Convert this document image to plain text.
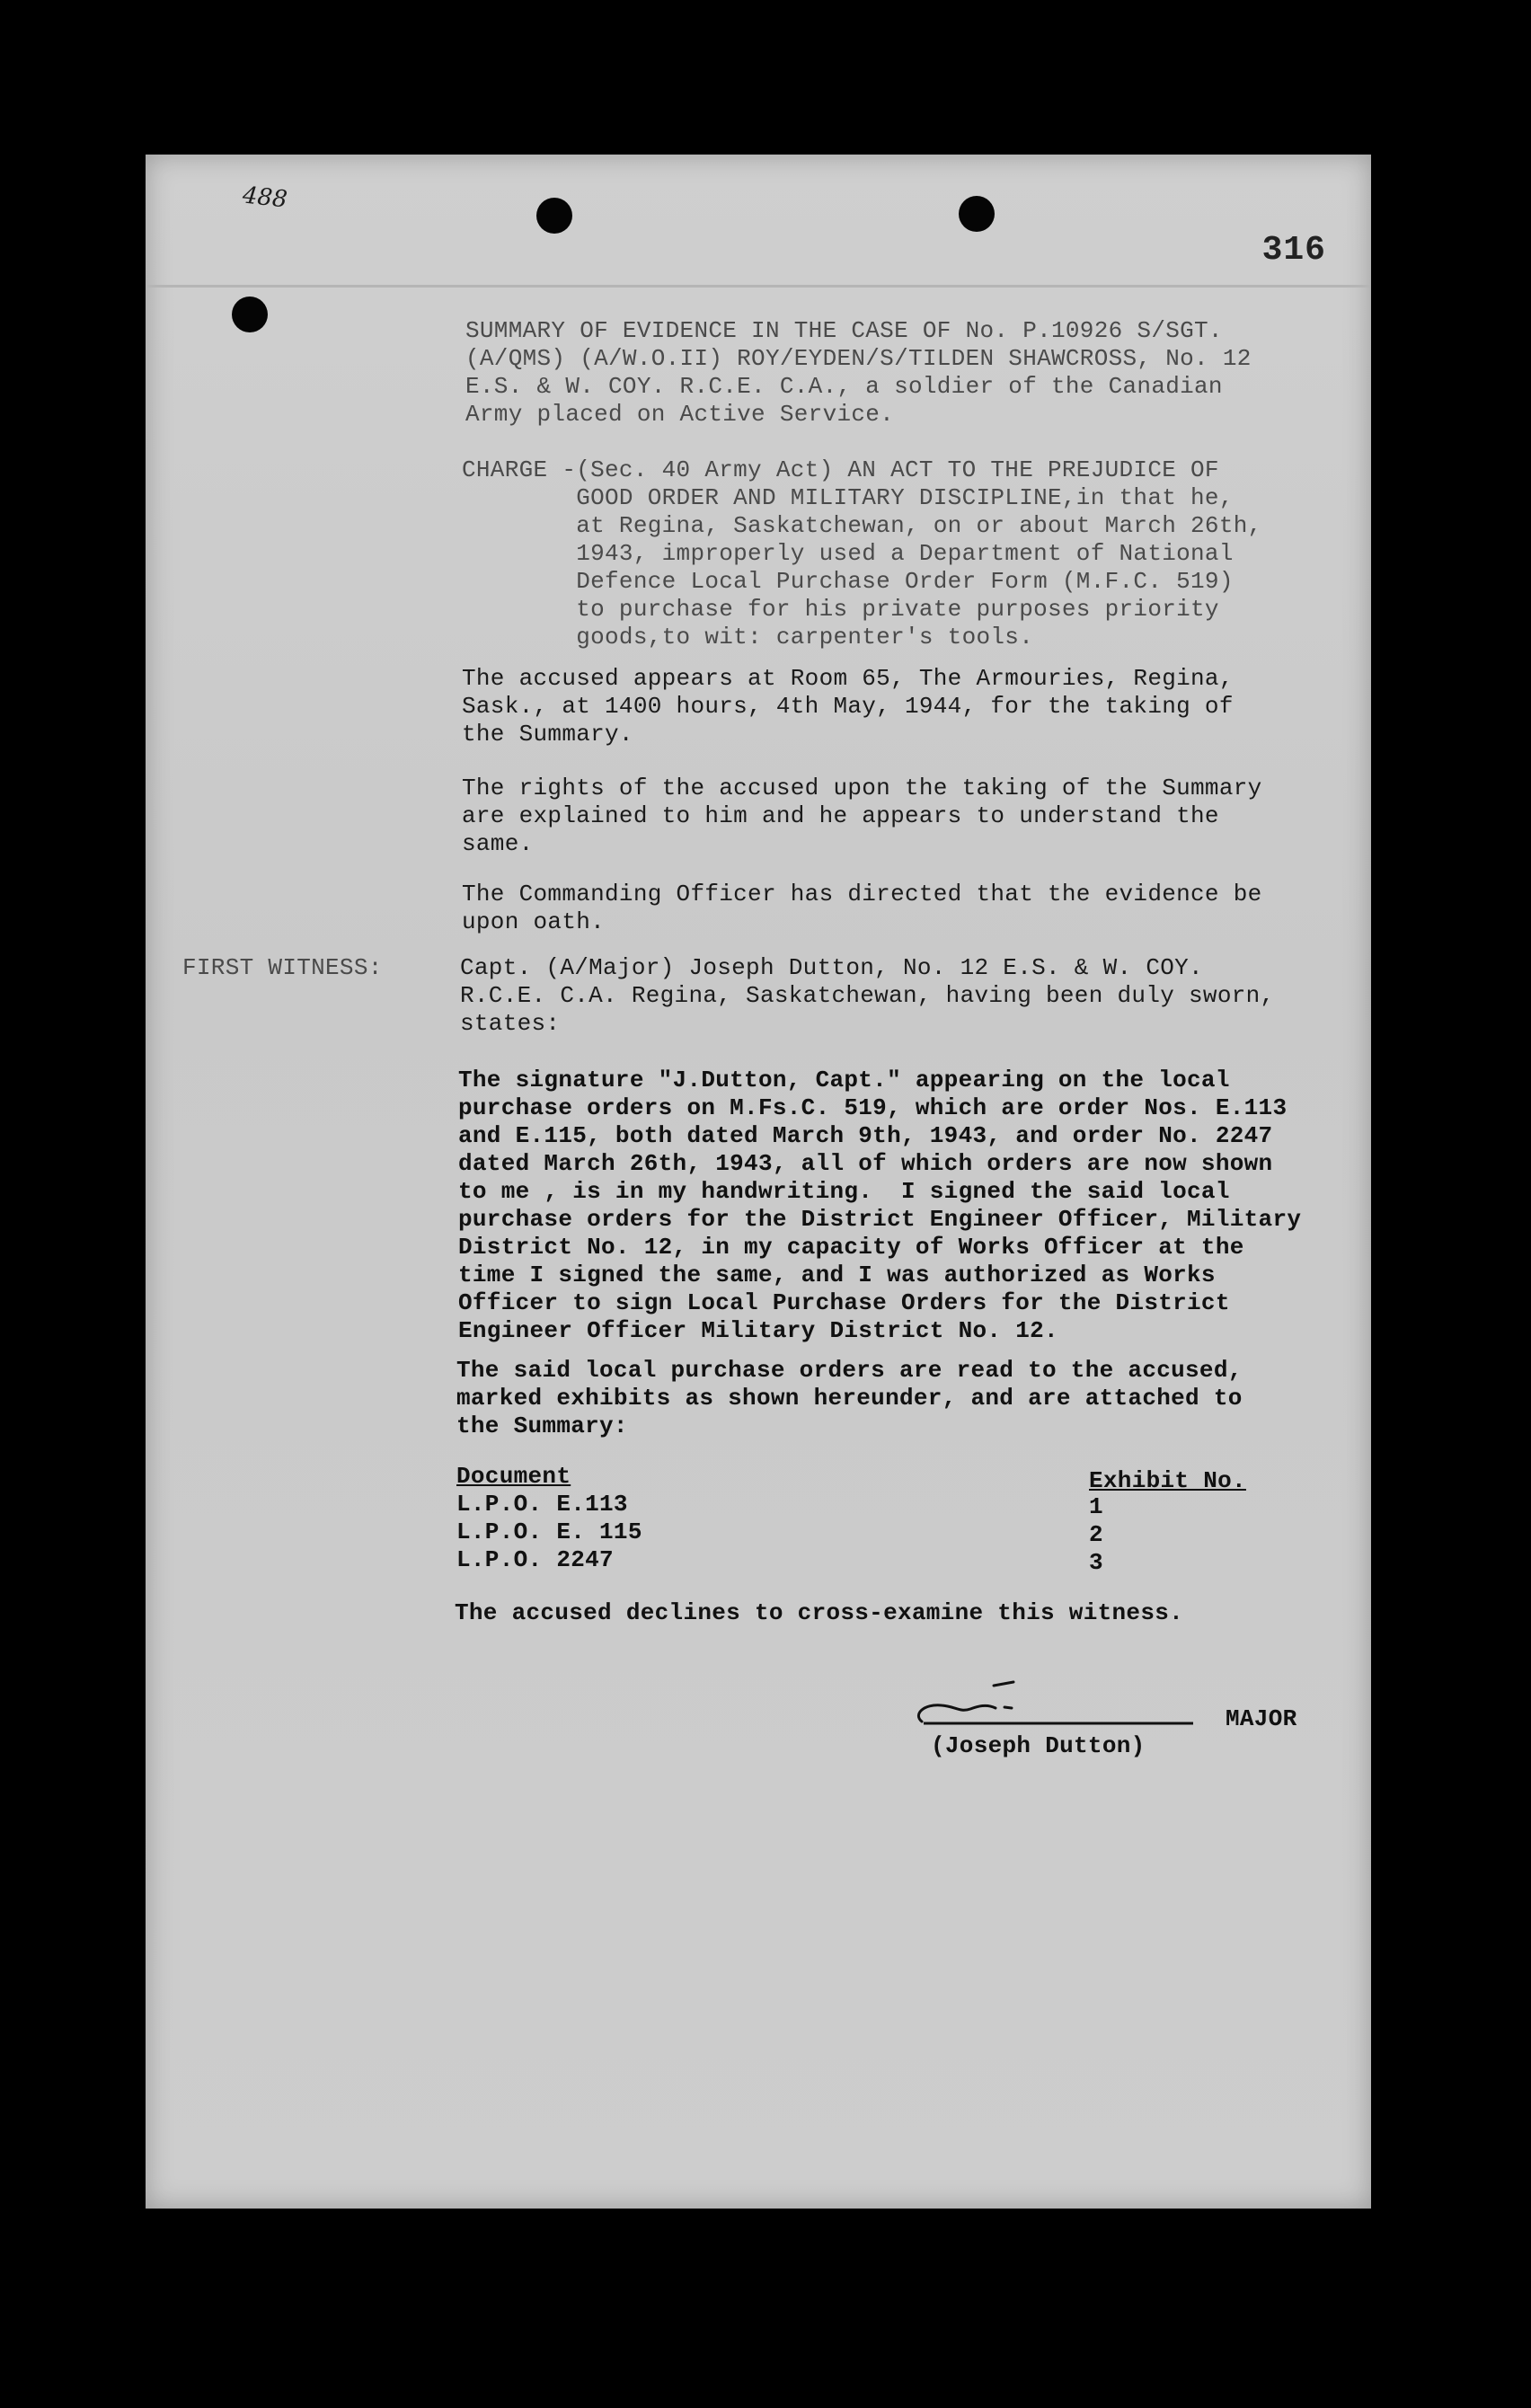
316
488
SUMMARY OF EVIDENCE IN THE CASE OF No. P.10926 S/SGT.
(A/QMS) (A/W.O.II) ROY/EYDEN/S/TILDEN SHAWCROSS, No. 12
E.S. & W. COY. R.C.E. C.A., a soldier of the Canadian
Army placed on Active Service.
CHARGE -(Sec. 40 Army Act) AN ACT TO THE PREJUDICE OF
GOOD ORDER AND MILITARY DISCIPLINE,in that he,
at Regina, Saskatchewan, on or about March 26th,
1943, improperly used a Department of National
Defence Local Purchase Order Form (M.F.C. 519)
to purchase for his private purposes priority
goods,to wit: carpenter's tools.
The accused appears at Room 65, The Armouries, Regina,
Sask., at 1400 hours, 4th May, 1944, for the taking of
the Summary.
The rights of the accused upon the taking of the Summary
are explained to him and he appears to understand the
same.
The Commanding Officer has directed that the evidence be
upon oath.
FIRST WITNESS:	Capt. (A/Major) Joseph Dutton, No. 12 E.S. & W. COY.
R.C.E. C.A. Regina, Saskatchewan, having been duly sworn,
states:
The signature "J.Dutton, Capt." appearing on the local
purchase orders on M.Fs.C. 519, which are order Nos. E.113
and E.115, both dated March 9th, 1943, and order No. 2247
dated March 26th, 1943, all of which orders are now shown
to me , is in my handwriting.  I signed the said local
purchase orders for the District Engineer Officer, Military
District No. 12, in my capacity of Works Officer at the
time I signed the same, and I was authorized as Works
Officer to sign Local Purchase Orders for the District
Engineer Officer Military District No. 12.
The said local purchase orders are read to the accused,
marked exhibits as shown hereunder, and are attached to
the Summary:
Document	Exhibit No.
L.P.O. E.113	1
L.P.O. E. 115	2
L.P.O. 2247	3
The accused declines to cross-examine this witness.
MAJOR
(Joseph Dutton)
